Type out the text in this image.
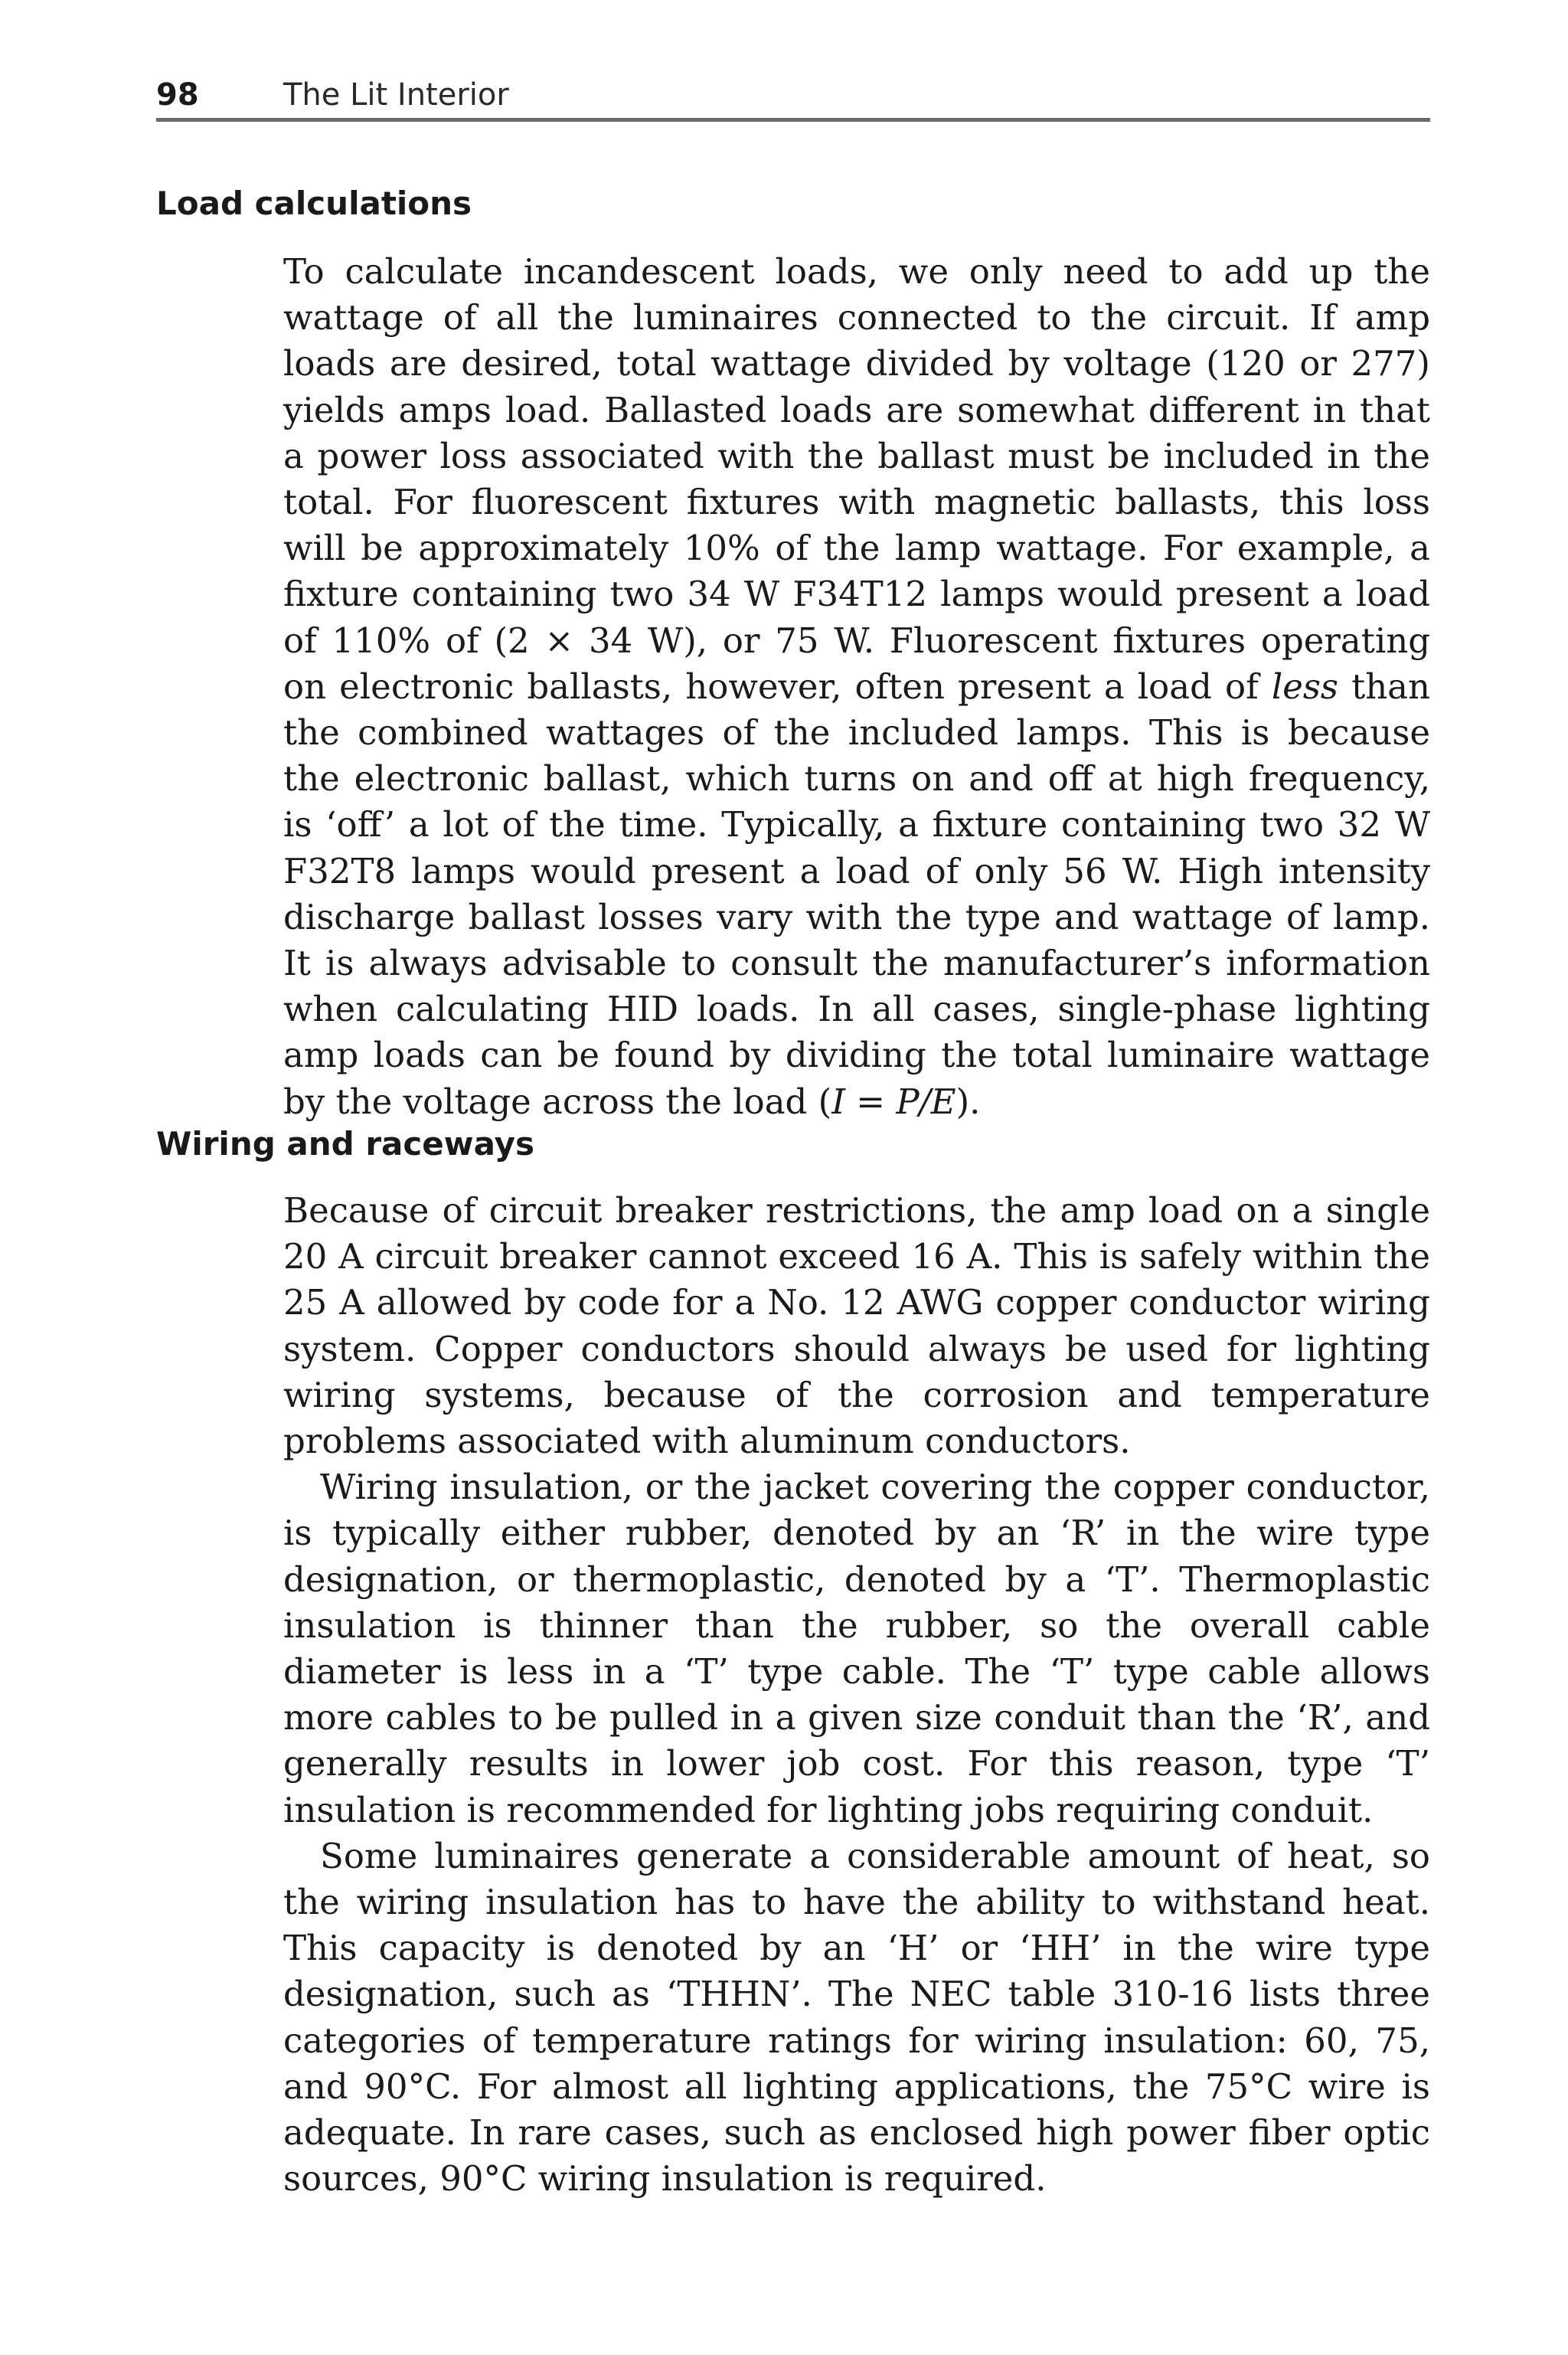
98	The Lit Interior
Load calculations

To calculate incandescent loads, we only need to add up the wattage of all the luminaires connected to the circuit. If amp loads are desired, total wattage divided by voltage (120 or 277) yields amps load. Ballasted loads are somewhat different in that a power loss associated with the ballast must be included in the total. For fluorescent fixtures with magnetic ballasts, this loss will be approximately 10% of the lamp wattage. For example, a fixture containing two 34 W F34T12 lamps would present a load of 110% of (2 × 34 W), or 75 W. Fluorescent fixtures operating on electronic ballasts, however, often present a load of less than the combined wattages of the included lamps. This is because the electronic ballast, which turns on and off at high frequency, is ‘off’ a lot of the time. Typically, a fixture containing two 32 W F32T8 lamps would present a load of only 56 W. High intensity discharge ballast losses vary with the type and wattage of lamp. It is always advisable to consult the manufacturer’s information when calculating HID loads. In all cases, single-phase lighting amp loads can be found by dividing the total luminaire wattage by the voltage across the load (I = P/E).

Wiring and raceways

Because of circuit breaker restrictions, the amp load on a single 20 A circuit breaker cannot exceed 16 A. This is safely within the 25 A allowed by code for a No. 12 AWG copper conductor wiring system. Copper conductors should always be used for lighting wiring systems, because of the corrosion and temperature problems associated with aluminum conductors.

Wiring insulation, or the jacket covering the copper conductor, is typically either rubber, denoted by an ‘R’ in the wire type designation, or thermoplastic, denoted by a ‘T’. Thermoplastic insulation is thinner than the rubber, so the overall cable diameter is less in a ‘T’ type cable. The ‘T’ type cable allows more cables to be pulled in a given size conduit than the ‘R’, and generally results in lower job cost. For this reason, type ‘T’ insulation is recommended for lighting jobs requiring conduit.

Some luminaires generate a considerable amount of heat, so the wiring insulation has to have the ability to withstand heat. This capacity is denoted by an ‘H’ or ‘HH’ in the wire type designation, such as ‘THHN’. The NEC table 310-16 lists three categories of temperature ratings for wiring insulation: 60, 75, and 90°C. For almost all lighting applications, the 75°C wire is adequate. In rare cases, such as enclosed high power fiber optic sources, 90°C wiring insulation is required.
